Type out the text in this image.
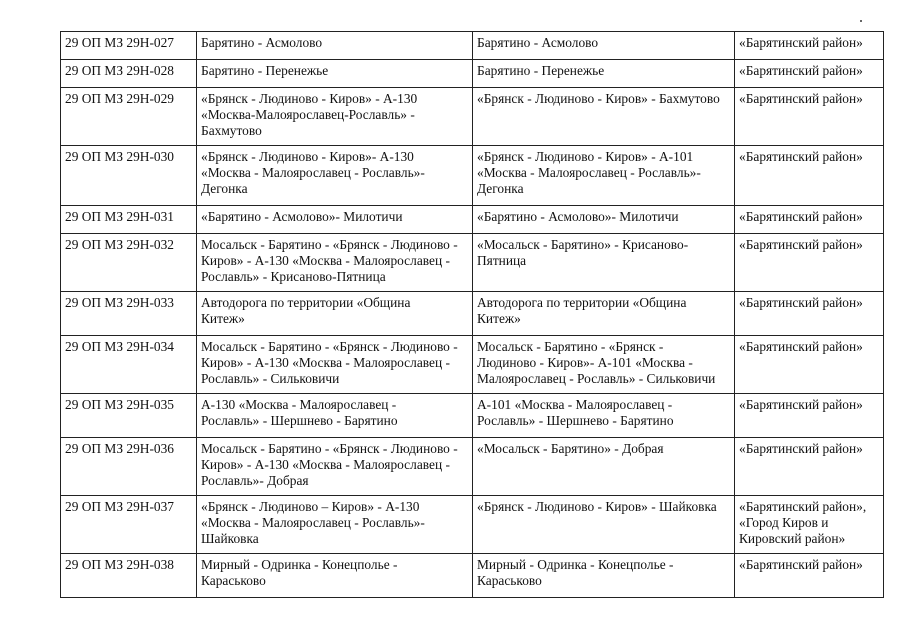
29 ОП МЗ 29Н-027	Барятино - Асмолово	Барятино - Асмолово	«Барятинский район»

29 ОП МЗ 29Н-028	Барятино - Перенежье	Барятино - Перенежье	«Барятинский район»

29 ОП МЗ 29Н-029	«Брянск - Людиново - Киров» - А-130
«Москва-Малоярославец-Рославль» -
Бахмутово	«Брянск - Людиново - Киров» - Бахмутово	«Барятинский район»

29 ОП МЗ 29Н-030	«Брянск - Людиново - Киров»- А-130
«Москва - Малоярославец - Рославль»-
Дегонка	«Брянск - Людиново - Киров» - А-101
«Москва - Малоярославец - Рославль»-
Дегонка	«Барятинский район»

29 ОП МЗ 29Н-031	«Барятино - Асмолово»- Милотичи	«Барятино - Асмолово»- Милотичи	«Барятинский район»

29 ОП МЗ 29Н-032	Мосальск - Барятино - «Брянск - Людиново -
Киров» - А-130 «Москва - Малоярославец -
Рославль» - Крисаново-Пятница	«Мосальск - Барятино» - Крисаново-
Пятница	«Барятинский район»

29 ОП МЗ 29Н-033	Автодорога по территории «Община
Китеж»	Автодорога по территории «Община
Китеж»	«Барятинский район»

29 ОП МЗ 29Н-034	Мосальск - Барятино - «Брянск - Людиново -
Киров» - А-130 «Москва - Малоярославец -
Рославль» - Сильковичи	Мосальск - Барятино - «Брянск -
Людиново - Киров»- А-101 «Москва -
Малоярославец - Рославль» - Сильковичи	«Барятинский район»

29 ОП МЗ 29Н-035	А-130 «Москва - Малоярославец -
Рославль» - Шершнево - Барятино	А-101 «Москва - Малоярославец -
Рославль» - Шершнево - Барятино	«Барятинский район»

29 ОП МЗ 29Н-036	Мосальск - Барятино - «Брянск - Людиново -
Киров» - А-130 «Москва - Малоярославец -
Рославль»- Добрая	«Мосальск - Барятино» - Добрая	«Барятинский район»

29 ОП МЗ 29Н-037	«Брянск - Людиново – Киров» - А-130
«Москва - Малоярославец - Рославль»-
Шайковка	«Брянск - Людиново - Киров» - Шайковка	«Барятинский район»,
«Город Киров и
Кировский район»

29 ОП МЗ 29Н-038	Мирный - Одринка - Конецполье -
Караськово	Мирный - Одринка - Конецполье -
Караськово	«Барятинский район»
